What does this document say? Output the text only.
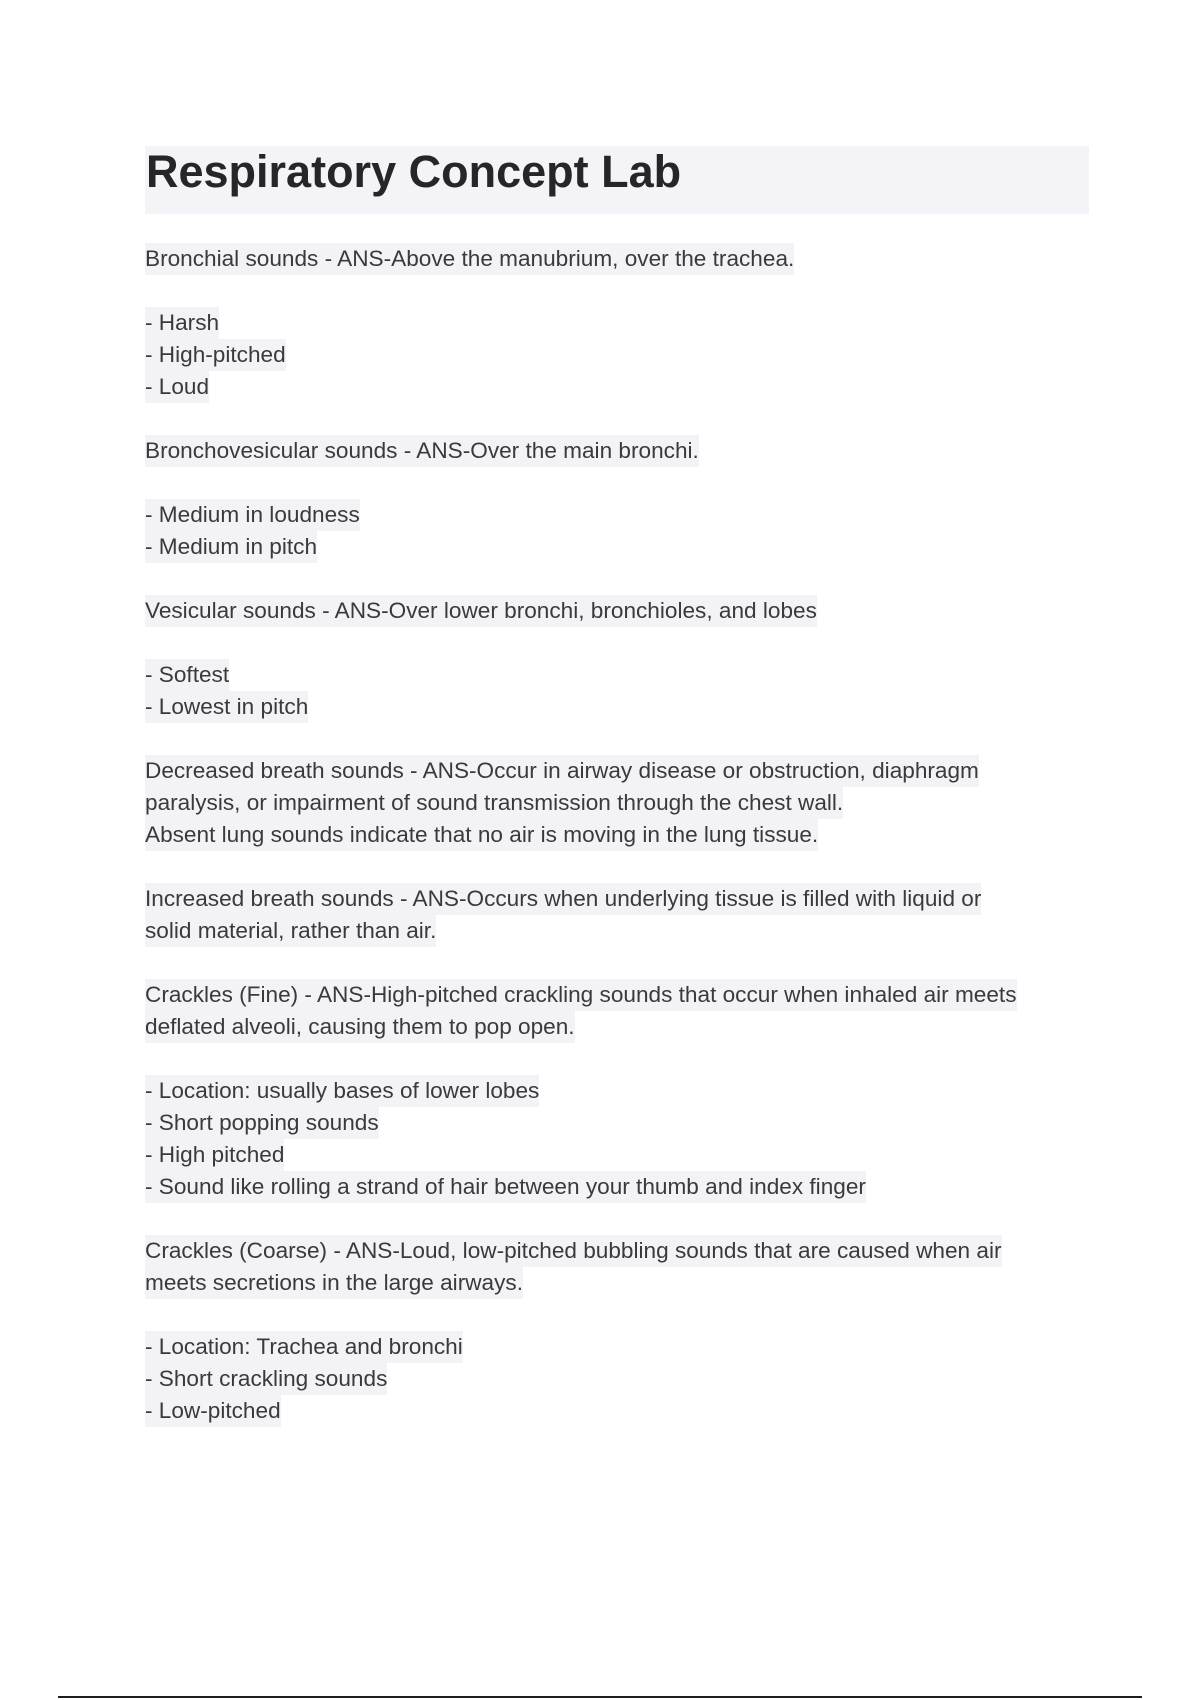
Respiratory Concept Lab
Bronchial sounds - ANS-Above the manubrium, over the trachea.
- Harsh
- High-pitched
- Loud
Bronchovesicular sounds - ANS-Over the main bronchi.
- Medium in loudness
- Medium in pitch
Vesicular sounds - ANS-Over lower bronchi, bronchioles, and lobes
- Softest
- Lowest in pitch
Decreased breath sounds - ANS-Occur in airway disease or obstruction, diaphragm
paralysis, or impairment of sound transmission through the chest wall.
Absent lung sounds indicate that no air is moving in the lung tissue.
Increased breath sounds - ANS-Occurs when underlying tissue is filled with liquid or
solid material, rather than air.
Crackles (Fine) - ANS-High-pitched crackling sounds that occur when inhaled air meets
deflated alveoli, causing them to pop open.
- Location: usually bases of lower lobes
- Short popping sounds
- High pitched
- Sound like rolling a strand of hair between your thumb and index finger
Crackles (Coarse) - ANS-Loud, low-pitched bubbling sounds that are caused when air
meets secretions in the large airways.
- Location: Trachea and bronchi
- Short crackling sounds
- Low-pitched
